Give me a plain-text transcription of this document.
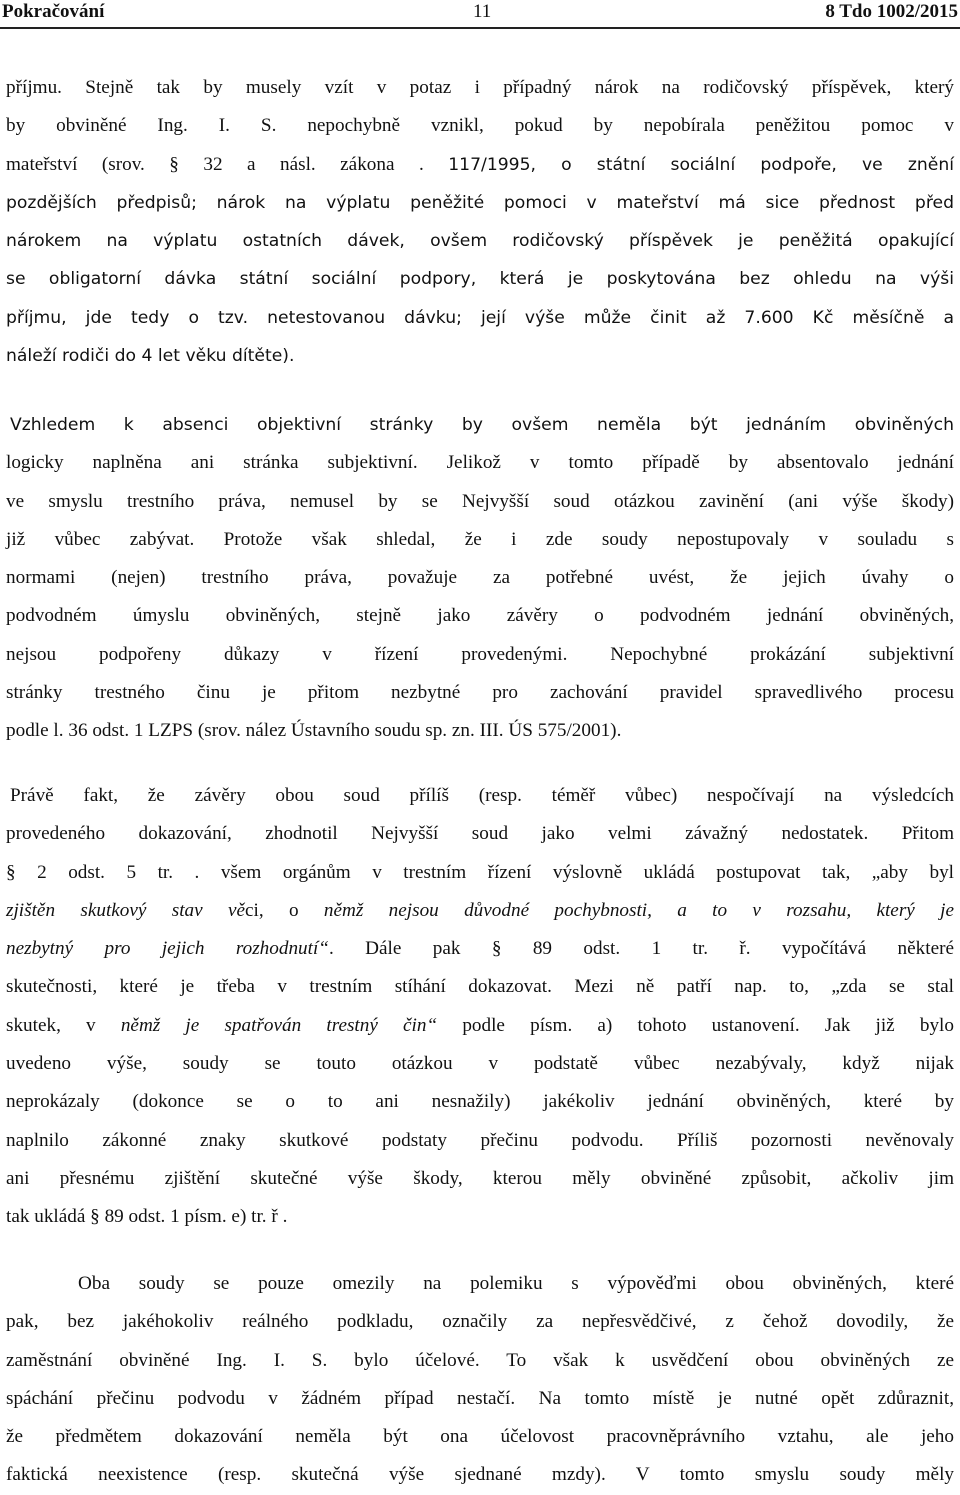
Pokračování	11	8 Tdo 1002/2015
příjmu. Stejně tak by musely vzít v potaz i případný nárok na rodičovský příspěvek, který
by obviněné Ing. I. S. nepochybně vznikl, pokud by nepobírala peněžitou pomoc v
mateřství (srov. § 32 a násl. zákona . 117/1995, o státní sociální podpoře, ve znění
pozdějších předpisů; nárok na výplatu peněžité pomoci v mateřství má sice přednost před
nárokem na výplatu ostatních dávek, ovšem rodičovský příspěvek je peněžitá opakující
se obligatorní dávka státní sociální podpory, která je poskytována bez ohledu na výši
příjmu, jde tedy o tzv. netestovanou dávku; její výše může činit až 7.600 Kč měsíčně a
náleží rodiči do 4 let věku dítěte).
Vzhledem k absenci objektivní stránky by ovšem neměla být jednáním obviněných
logicky naplněna ani stránka subjektivní. Jelikož v tomto případě by absentovalo jednání
ve smyslu trestního práva, nemusel by se Nejvyšší soud otázkou zavinění (ani výše škody)
již vůbec zabývat. Protože však shledal, že i zde soudy nepostupovaly v souladu s
normami (nejen) trestního práva, považuje za potřebné uvést, že jejich úvahy o
podvodném úmyslu obviněných, stejně jako závěry o podvodném jednání obviněných,
nejsou podpořeny důkazy v řízení provedenými. Nepochybné prokázání subjektivní
stránky trestného činu je přitom nezbytné pro zachování pravidel spravedlivého procesu
podle l. 36 odst. 1 LZPS (srov. nález Ústavního soudu sp. zn. III. ÚS 575/2001).
Právě fakt, že závěry obou soud přílíš (resp. téměř vůbec) nespočívají na výsledcích
provedeného dokazování, zhodnotil Nejvyšší soud jako velmi závažný nedostatek. Přitom
§ 2 odst. 5 tr. . všem orgánům v trestním řízení výslovně ukládá postupovat tak, „aby byl
zjištěn skutkový stav věci, o němž nejsou důvodné pochybnosti, a to v rozsahu, který je
nezbytný pro jejich rozhodnutí“. Dále pak § 89 odst. 1 tr. ř. vypočítává některé
skutečnosti, které je třeba v trestním stíhání dokazovat. Mezi ně patří nap. to, „zda se stal
skutek, v němž je spatřován trestný čin“ podle písm. a) tohoto ustanovení. Jak již bylo
uvedeno výše, soudy se touto otázkou v podstatě vůbec nezabývaly, když nijak
neprokázaly (dokonce se o to ani nesnažily) jakékoliv jednání obviněných, které by
naplnilo zákonné znaky skutkové podstaty přečinu podvodu. Příliš pozornosti nevěnovaly
ani přesnému zjištění skutečné výše škody, kterou měly obviněné způsobit, ačkoliv jim
tak ukládá § 89 odst. 1 písm. e) tr. ř .
Oba soudy se pouze omezily na polemiku s výpověďmi obou obviněných, které
pak, bez jakéhokoliv reálného podkladu, označily za nepřesvědčivé, z čehož dovodily, že
zaměstnání obviněné Ing. I. S. bylo účelové. To však k usvědčení obou obviněných ze
spáchání přečinu podvodu v žádném případ nestačí. Na tomto místě je nutné opět zdůraznit,
že předmětem dokazování neměla být ona účelovost pracovněprávního vztahu, ale jeho
faktická neexistence (resp. skutečná výše sjednané mzdy). V tomto smyslu soudy měly
